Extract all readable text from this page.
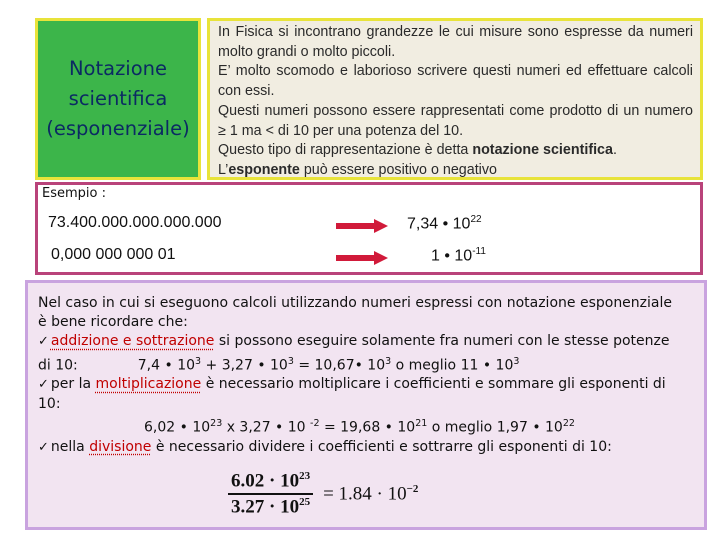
Notazione
scientifica
(esponenziale)

In Fisica si incontrano grandezze le cui misure sono espresse da numeri molto grandi o molto piccoli.

E’ molto scomodo e laborioso scrivere questi numeri ed effettuare calcoli con essi.

Questi numeri possono essere rappresentati come prodotto di un numero ≥ 1 ma < di 10 per una potenza del 10.

Questo tipo di rappresentazione è detta notazione scientifica.

L’esponente può essere positivo o negativo

Esempio :
73.400.000.000.000.000	7,34 • $10^{22}$
0,000 000 000 01	1 • $10^{-11}$
Nel caso in cui si eseguono calcoli utilizzando numeri espressi con notazione esponenziale
è bene ricordare che:
✓ addizione e sottrazione si possono eseguire solamente fra numeri con le stesse potenze
di 10:	7,4 • $10^3 + 3,27$ • $10^3$ = 10,67• $10^3$ o meglio 11 • $10^3$
✓ per la moltiplicazione è necessario moltiplicare i coefficienti e sommare gli esponenti di
10:
6,02 • $10^{23}$ x 3,27 • 10 $^{-2}$ = 19,68 • $10^{21}$ o meglio 1,97 • $10^{22}$
✓ nella divisione è necessario dividere i coefficienti e sottrarre gli esponenti di 10:
$\frac{6.02 \cdot 10^{23}}{3.27 \cdot 10^{25}} = 1.84 \cdot 10^{-2}$
